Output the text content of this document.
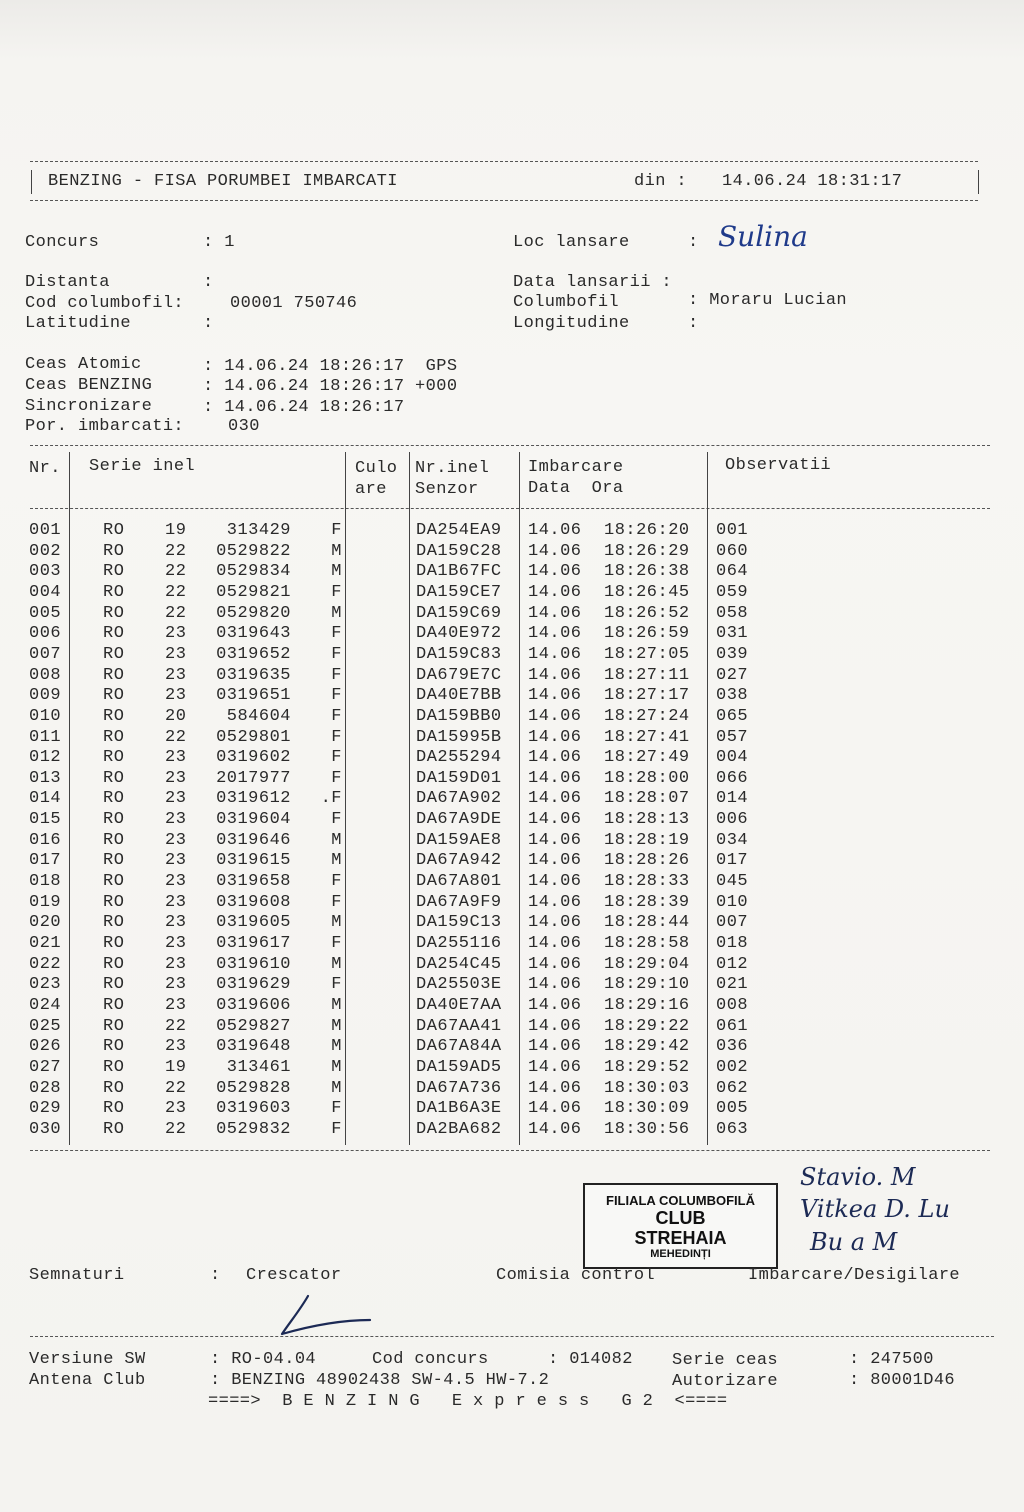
BENZING - FISA PORUMBEI IMBARCATI	din : 14.06.24 18:31:17
Concurs	: 1	Loc lansare	: Sulina
Distanta	:
Cod columbofil:	00001 750746
Latitudine	:
Data lansarii :
Columbofil	: Moraru Lucian
Longitudine	:
Ceas Atomic	: 14.06.24 18:26:17  GPS
Ceas BENZING	: 14.06.24 18:26:17 +000
Sincronizare	: 14.06.24 18:26:17
Por. imbarcati:	030
Nr. Serie inel	Culo
are
Nr.inel
Senzor
Imbarcare
Data  Ora
Observatii
001 RO 19	313429	F	DA254EA9 14.06 18:26:20 001
002 RO 22	0529822	M	DA159C28 14.06 18:26:29 060
003 RO 22	0529834	M	DA1B67FC 14.06 18:26:38 064
004 RO 22	0529821	F	DA159CE7 14.06 18:26:45 059
005 RO 22	0529820	M	DA159C69 14.06 18:26:52 058
006 RO 23	0319643	F	DA40E972 14.06 18:26:59 031
007 RO 23	0319652	F	DA159C83 14.06 18:27:05 039
008 RO 23	0319635	F	DA679E7C 14.06 18:27:11 027
009 RO 23	0319651	F	DA40E7BB 14.06 18:27:17 038
010 RO 20	584604	F	DA159BB0 14.06 18:27:24 065
011 RO 22	0529801	F	DA15995B 14.06 18:27:41 057
012 RO 23	0319602	F	DA255294 14.06 18:27:49 004
013 RO 23	2017977	F	DA159D01 14.06 18:28:00 066
014 RO 23	0319612 .F	DA67A902 14.06 18:28:07 014
015 RO 23	0319604	F	DA67A9DE 14.06 18:28:13 006
016 RO 23	0319646	M	DA159AE8 14.06 18:28:19 034
017 RO 23	0319615	M	DA67A942 14.06 18:28:26 017
018 RO 23	0319658	F	DA67A801 14.06 18:28:33 045
019 RO 23	0319608	F	DA67A9F9 14.06 18:28:39 010
020 RO 23	0319605	M	DA159C13 14.06 18:28:44 007
021 RO 23	0319617	F	DA255116 14.06 18:28:58 018
022 RO 23	0319610	M	DA254C45 14.06 18:29:04 012
023 RO 23	0319629	F	DA25503E 14.06 18:29:10 021
024 RO 23	0319606	M	DA40E7AA 14.06 18:29:16 008
025 RO 22	0529827	M	DA67AA41 14.06 18:29:22 061
026 RO 23	0319648	M	DA67A84A 14.06 18:29:42 036
027 RO 19	313461	M	DA159AD5 14.06 18:29:52 002
028 RO 22	0529828	M	DA67A736 14.06 18:30:03 062
029 RO 23	0319603	F	DA1B6A3E 14.06 18:30:09 005
030 RO 22	0529832	F	DA2BA682 14.06 18:30:56 063
FILIALA COLUMBOFILĂ
CLUB
STREHAIA
MEHEDINȚI
Stavio. M
Vitkea D. Lu
Bu a M
Semnaturi	: Crescator	Comisia control	Imbarcare/Desigilare
Versiune SW	: RO-04.04	Cod concurs	: 014082 Serie ceas	: 247500
Antena Club	: BENZING 48902438 SW-4.5 HW-7.2	Autorizare	: 80001D46
====>  B E N Z I N G   E x p r e s s   G 2  <====
